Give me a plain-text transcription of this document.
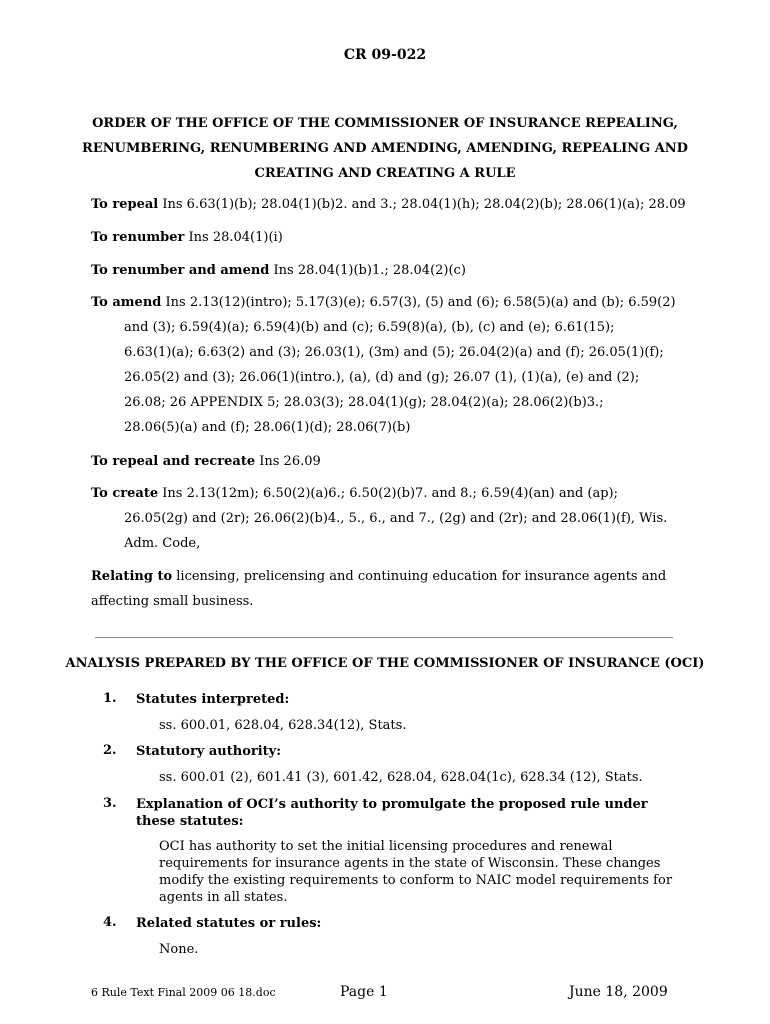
CR 09-022
ORDER OF THE OFFICE OF THE COMMISSIONER OF INSURANCE REPEALING,
RENUMBERING, RENUMBERING AND AMENDING, AMENDING, REPEALING AND
CREATING AND CREATING A RULE
To repeal Ins 6.63(1)(b); 28.04(1)(b)2. and 3.; 28.04(1)(h); 28.04(2)(b); 28.06(1)(a); 28.09
To renumber Ins 28.04(1)(i)
To renumber and amend Ins 28.04(1)(b)1.; 28.04(2)(c)
To amend Ins 2.13(12)(intro); 5.17(3)(e); 6.57(3), (5) and (6); 6.58(5)(a) and (b); 6.59(2)
and (3); 6.59(4)(a); 6.59(4)(b) and (c); 6.59(8)(a), (b), (c) and (e); 6.61(15);
6.63(1)(a); 6.63(2) and (3); 26.03(1), (3m) and (5); 26.04(2)(a) and (f); 26.05(1)(f);
26.05(2) and (3); 26.06(1)(intro.), (a), (d) and (g); 26.07 (1), (1)(a), (e) and (2);
26.08; 26 APPENDIX 5; 28.03(3); 28.04(1)(g); 28.04(2)(a); 28.06(2)(b)3.;
28.06(5)(a) and (f); 28.06(1)(d); 28.06(7)(b)
To repeal and recreate Ins 26.09
To create Ins 2.13(12m); 6.50(2)(a)6.; 6.50(2)(b)7. and 8.; 6.59(4)(an) and (ap);
26.05(2g) and (2r); 26.06(2)(b)4., 5., 6., and 7., (2g) and (2r); and 28.06(1)(f), Wis.
Adm. Code,
Relating to licensing, prelicensing and continuing education for insurance agents and
affecting small business.
ANALYSIS PREPARED BY THE OFFICE OF THE COMMISSIONER OF INSURANCE (OCI)
1. Statutes interpreted:
ss. 600.01, 628.04, 628.34(12), Stats.
2. Statutory authority:
ss. 600.01 (2), 601.41 (3), 601.42, 628.04, 628.04(1c), 628.34 (12), Stats.
3. Explanation of OCI’s authority to promulgate the proposed rule under
these statutes:
OCI has authority to set the initial licensing procedures and renewal
requirements for insurance agents in the state of Wisconsin. These changes
modify the existing requirements to conform to NAIC model requirements for
agents in all states.
4. Related statutes or rules:
None.
6 Rule Text Final 2009 06 18.doc	Page 1	June 18, 2009
